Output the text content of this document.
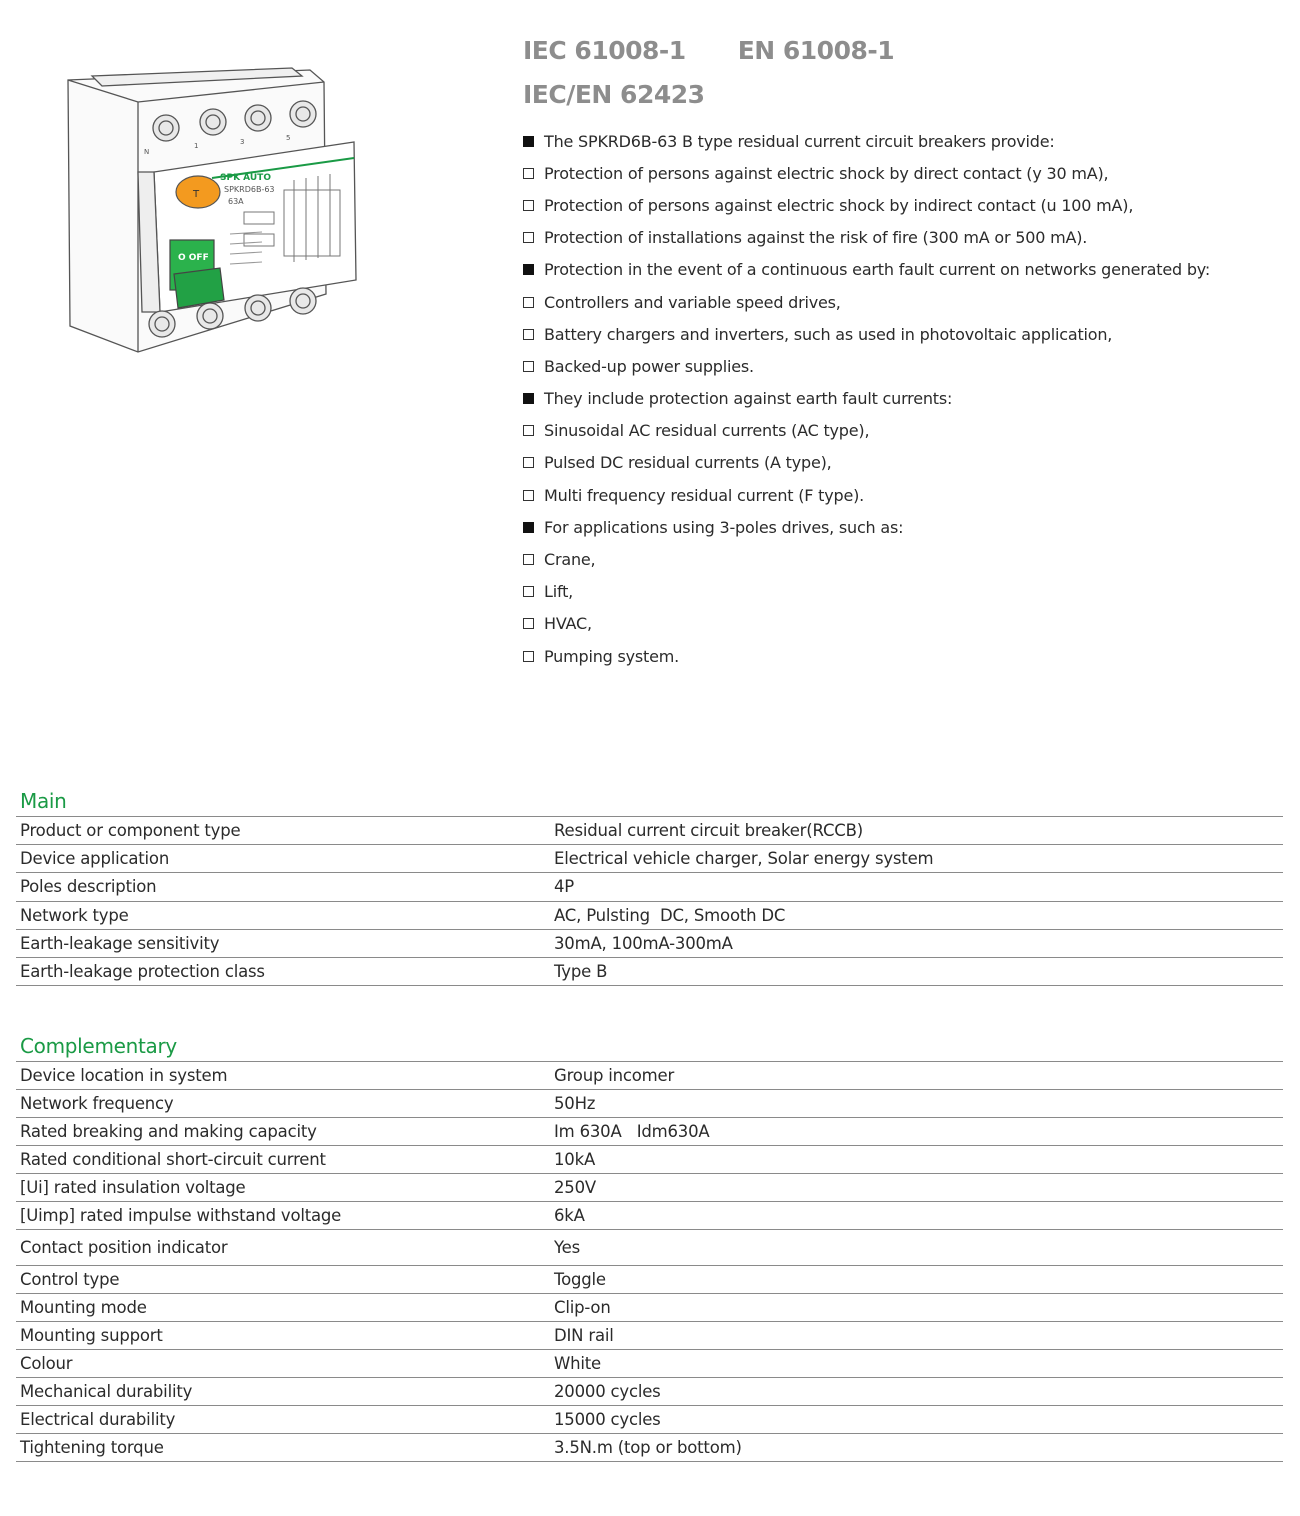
T
O OFF
SPK AUTO
SPKRD6B-63
63A
N
1	3	5
IEC 61008-1 EN 61008-1
IEC/EN 62423
The SPKRD6B-63 B type residual current circuit breakers provide:
Protection of persons against electric shock by direct contact (y 30 mA),
Protection of persons against electric shock by indirect contact (u 100 mA),
Protection of installations against the risk of fire (300 mA or 500 mA).
Protection in the event of a continuous earth fault current on networks generated by:
Controllers and variable speed drives,
Battery chargers and inverters, such as used in photovoltaic application,
Backed-up power supplies.
They include protection against earth fault currents:
Sinusoidal AC residual currents (AC type),
Pulsed DC residual currents (A type),
Multi frequency residual current (F type).
For applications using 3-poles drives, such as:
Crane,
Lift,
HVAC,
Pumping system.
Main
Product or component type	Residual current circuit breaker(RCCB)
Device application	Electrical vehicle charger, Solar energy system
Poles description	4P
Network type	AC, Pulsting  DC, Smooth DC
Earth-leakage sensitivity	30mA, 100mA-300mA
Earth-leakage protection class	Type B
Complementary
Device location in system	Group incomer
Network frequency	50Hz
Rated breaking and making capacity	Im 630A   Idm630A
Rated conditional short-circuit current	10kA
[Ui] rated insulation voltage	250V
[Uimp] rated impulse withstand voltage	6kA
Contact position indicator	Yes
Control type	Toggle
Mounting mode	Clip-on
Mounting support	DIN rail
Colour	White
Mechanical durability	20000 cycles
Electrical durability	15000 cycles
Tightening torque	3.5N.m (top or bottom)
